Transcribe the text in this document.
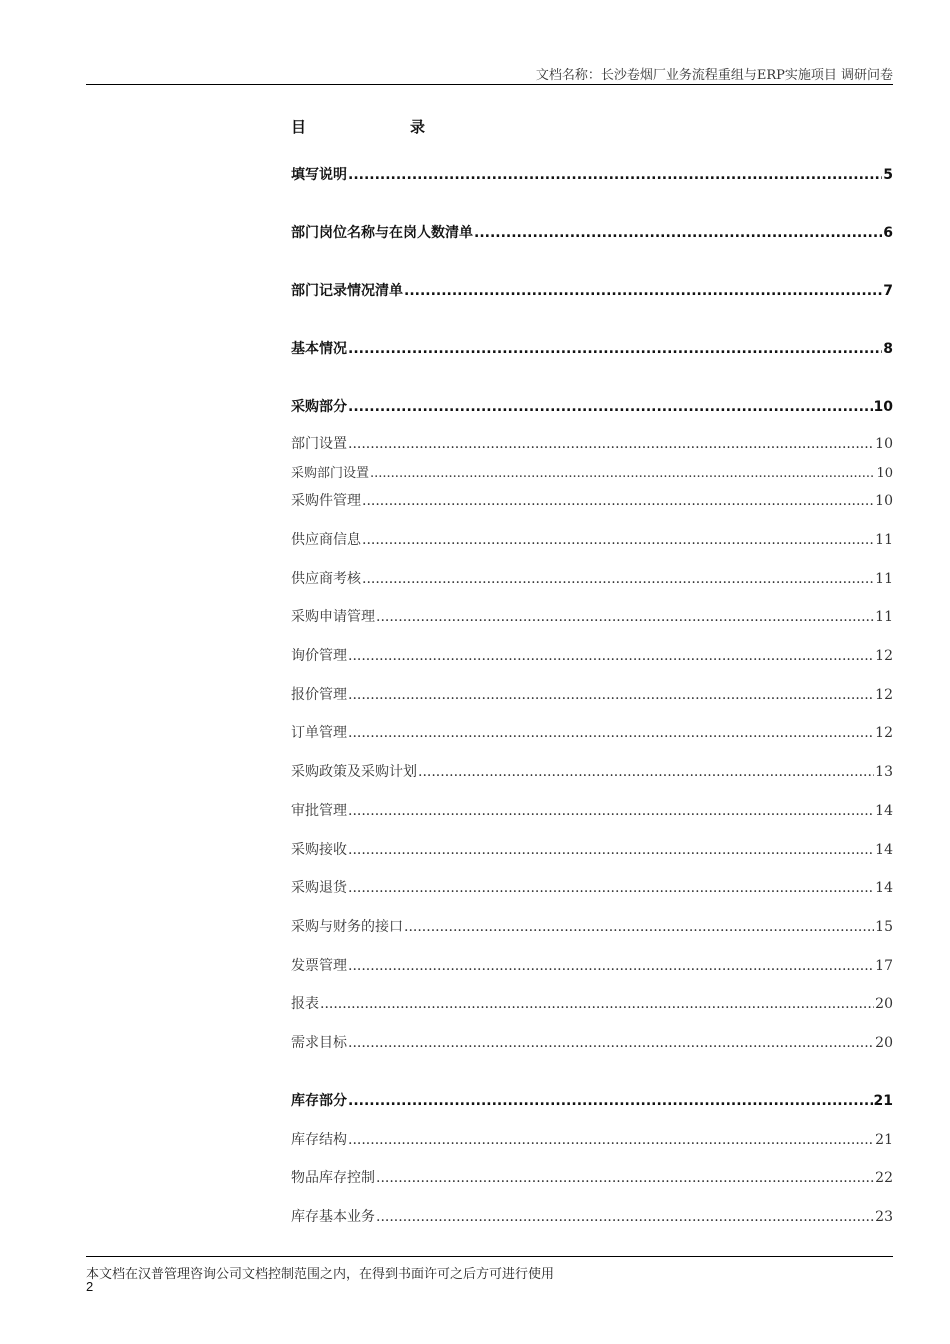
文档名称：长沙卷烟厂业务流程重组与ERP实施项目 调研问卷
目	录
填写说明 .....	5
部门岗位名称与在岗人数清单 .....	6
部门记录情况清单 .....	7
基本情况 .....	8
采购部分 .....	10
部门设置 .....	10
采购部门设置 .....	10
采购件管理 .....	10
供应商信息 .....	11
供应商考核 .....	11
采购申请管理 .....	11
询价管理 .....	12
报价管理 .....	12
订单管理 .....	12
采购政策及采购计划 .....	13
审批管理 .....	14
采购接收 .....	14
采购退货 .....	14
采购与财务的接口 .....	15
发票管理 .....	17
报表 .....	20
需求目标 .....	20
库存部分 .....	21
库存结构 .....	21
物品库存控制 .....	22
库存基本业务 .....	23
本文档在汉普管理咨询公司文档控制范围之内，在得到书面许可之后方可进行使用
2
